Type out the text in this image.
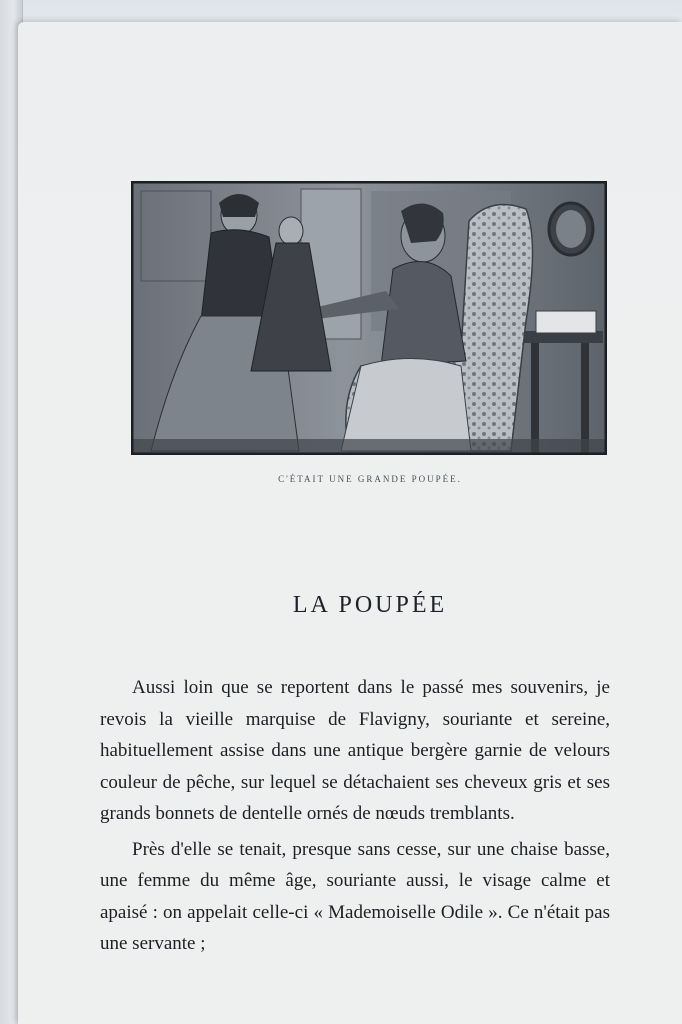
C'ÉTAIT UNE GRANDE POUPÉE.
LA POUPÉE

Aussi loin que se reportent dans le passé mes souvenirs, je revois la vieille marquise de Flavigny, souriante et sereine, habituellement assise dans une antique bergère garnie de velours couleur de pêche, sur lequel se détachaient ses cheveux gris et ses grands bonnets de dentelle ornés de nœuds tremblants.

Près d'elle se tenait, presque sans cesse, sur une chaise basse, une femme du même âge, souriante aussi, le visage calme et apaisé : on appelait celle-ci « Mademoiselle Odile ». Ce n'était pas une servante ;
